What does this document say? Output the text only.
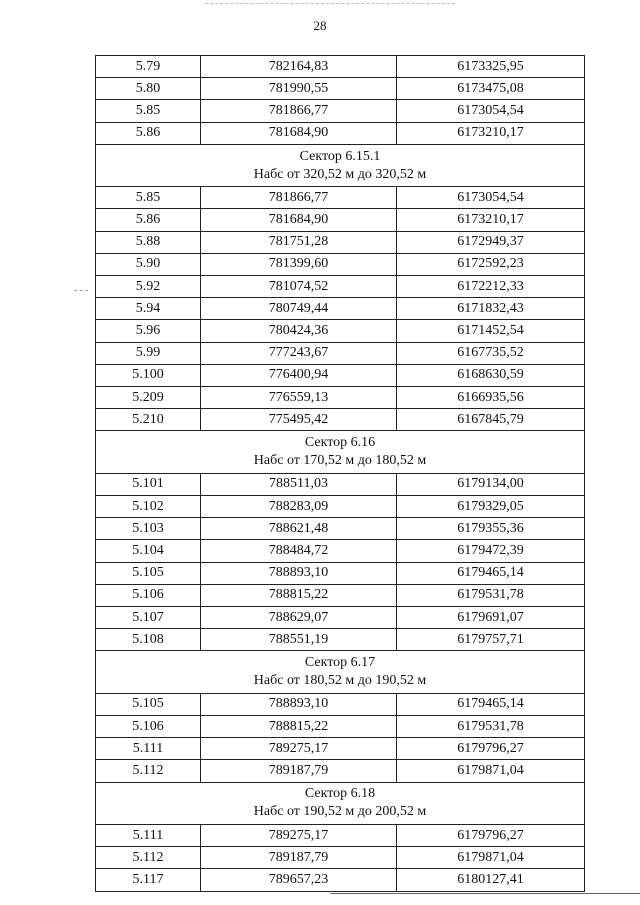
28
5.79	782164,83	6173325,95
5.80	781990,55	6173475,08
5.85	781866,77	6173054,54
5.86	781684,90	6173210,17

Сектор 6.15.1
Набс от 320,52 м до 320,52 м		

5.85	781866,77	6173054,54
5.86	781684,90	6173210,17
5.88	781751,28	6172949,37
5.90	781399,60	6172592,23
5.92	781074,52	6172212,33
5.94	780749,44	6171832,43
5.96	780424,36	6171452,54
5.99	777243,67	6167735,52
5.100	776400,94	6168630,59
5.209	776559,13	6166935,56
5.210	775495,42	6167845,79

Сектор 6.16
Набс от 170,52 м до 180,52 м		

5.101	788511,03	6179134,00
5.102	788283,09	6179329,05
5.103	788621,48	6179355,36
5.104	788484,72	6179472,39
5.105	788893,10	6179465,14
5.106	788815,22	6179531,78
5.107	788629,07	6179691,07
5.108	788551,19	6179757,71

Сектор 6.17
Набс от 180,52 м до 190,52 м		

5.105	788893,10	6179465,14
5.106	788815,22	6179531,78
5.111	789275,17	6179796,27
5.112	789187,79	6179871,04

Сектор 6.18
Набс от 190,52 м до 200,52 м		

5.111	789275,17	6179796,27
5.112	789187,79	6179871,04
5.117	789657,23	6180127,41
